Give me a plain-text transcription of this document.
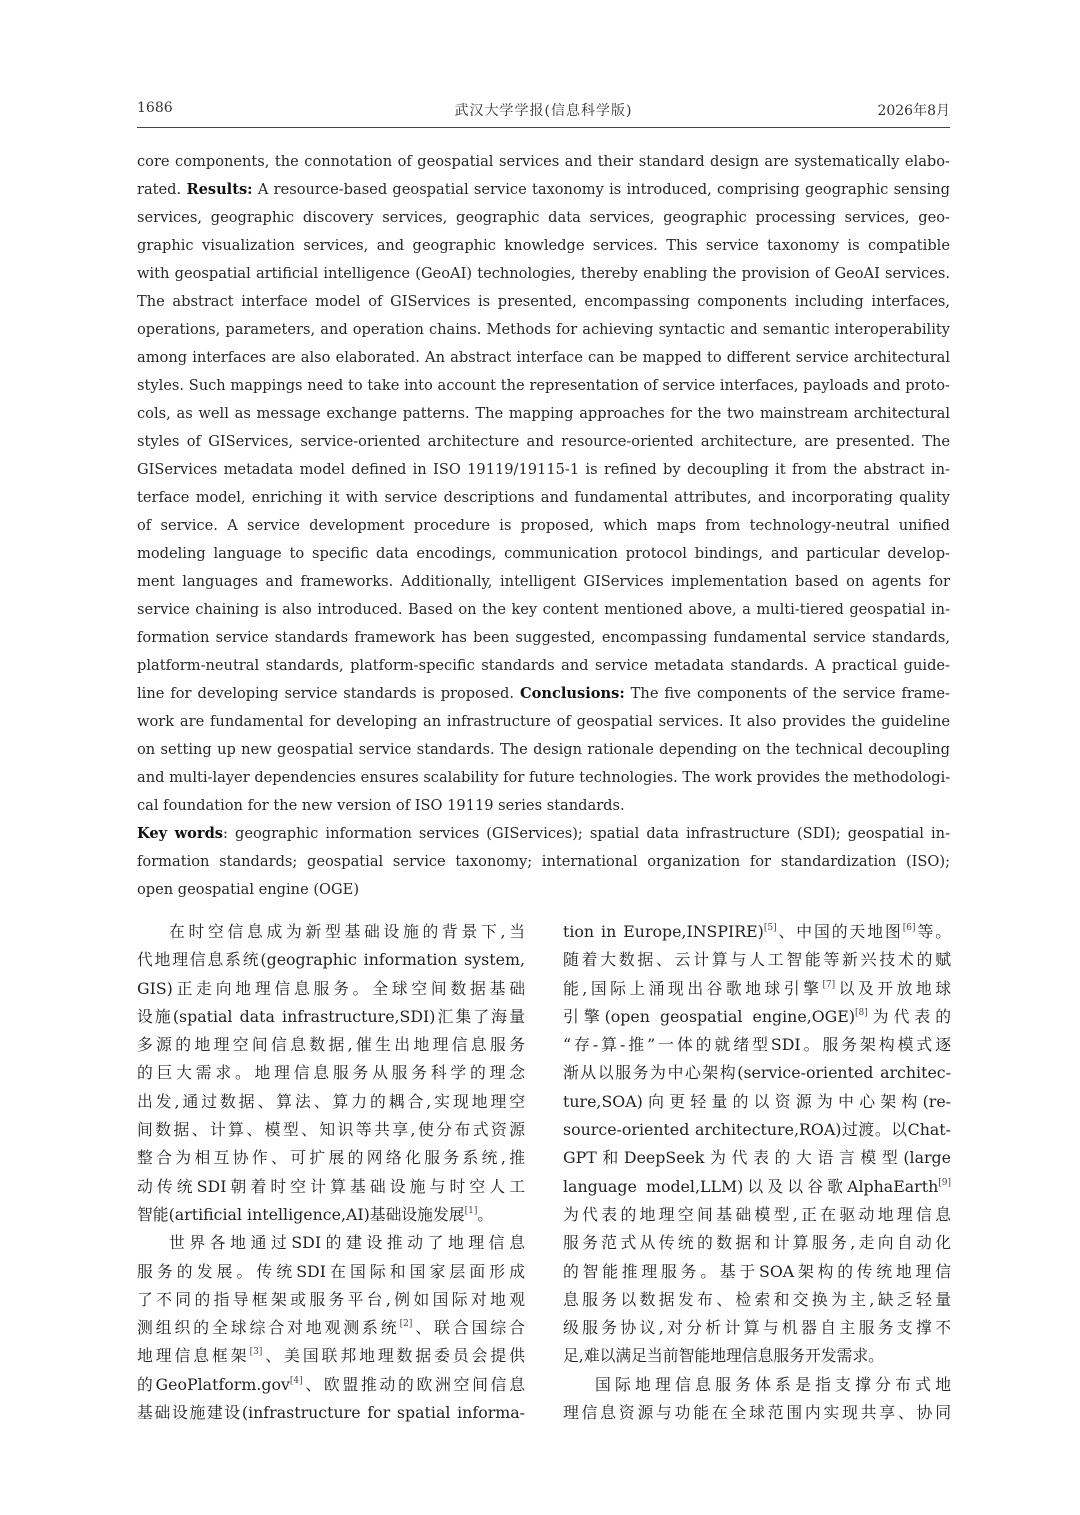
1686	武汉大学学报(信息科学版)	2026年8月
core components, the connotation of geospatial services and their standard design are systematically elabo-
rated. Results: A resource-based geospatial service taxonomy is introduced, comprising geographic sensing
services, geographic discovery services, geographic data services, geographic processing services, geo-
graphic visualization services, and geographic knowledge services. This service taxonomy is compatible
with geospatial artificial intelligence (GeoAI) technologies, thereby enabling the provision of GeoAI services.
The abstract interface model of GIServices is presented, encompassing components including interfaces,
operations, parameters, and operation chains. Methods for achieving syntactic and semantic interoperability
among interfaces are also elaborated. An abstract interface can be mapped to different service architectural
styles. Such mappings need to take into account the representation of service interfaces, payloads and proto-
cols, as well as message exchange patterns. The mapping approaches for the two mainstream architectural
styles of GIServices, service-oriented architecture and resource-oriented architecture, are presented. The
GIServices metadata model defined in ISO 19119/19115-1 is refined by decoupling it from the abstract in-
terface model, enriching it with service descriptions and fundamental attributes, and incorporating quality
of service. A service development procedure is proposed, which maps from technology-neutral unified
modeling language to specific data encodings, communication protocol bindings, and particular develop-
ment languages and frameworks. Additionally, intelligent GIServices implementation based on agents for
service chaining is also introduced. Based on the key content mentioned above, a multi-tiered geospatial in-
formation service standards framework has been suggested, encompassing fundamental service standards,
platform-neutral standards, platform-specific standards and service metadata standards. A practical guide-
line for developing service standards is proposed. Conclusions: The five components of the service frame-
work are fundamental for developing an infrastructure of geospatial services. It also provides the guideline
on setting up new geospatial service standards. The design rationale depending on the technical decoupling
and multi-layer dependencies ensures scalability for future technologies. The work provides the methodologi-
cal foundation for the new version of ISO 19119 series standards.
Key words: geographic information services (GIServices); spatial data infrastructure (SDI); geospatial in-
formation standards; geospatial service taxonomy; international organization for standardization (ISO);
open geospatial engine (OGE)
在时空信息成为新型基础设施的背景下,当
代地理信息系统(geographic information system,
GIS)正走向地理信息服务。全球空间数据基础
设施(spatial data infrastructure,SDI)汇集了海量
多源的地理空间信息数据,催生出地理信息服务
的巨大需求。地理信息服务从服务科学的理念
出发,通过数据、算法、算力的耦合,实现地理空
间数据、计算、模型、知识等共享,使分布式资源
整合为相互协作、可扩展的网络化服务系统,推
动传统SDI朝着时空计算基础设施与时空人工
智能(artificial intelligence,AI)基础设施发展[1]。
世界各地通过SDI的建设推动了地理信息
服务的发展。传统SDI在国际和国家层面形成
了不同的指导框架或服务平台,例如国际对地观
测组织的全球综合对地观测系统[2]、联合国综合
地理信息框架[3]、美国联邦地理数据委员会提供
的GeoPlatform.gov[4]、欧盟推动的欧洲空间信息
基础设施建设(infrastructure for spatial informa-
tion in Europe,INSPIRE)[5]、中国的天地图[6]等。
随着大数据、云计算与人工智能等新兴技术的赋
能,国际上涌现出谷歌地球引擎[7]以及开放地球
引擎(open geospatial engine,OGE)[8]为代表的
“存-算-推”一体的就绪型SDI。服务架构模式逐
渐从以服务为中心架构(service-oriented architec-
ture,SOA)向更轻量的以资源为中心架构(re-
source-oriented architecture,ROA)过渡。以Chat-
GPT和DeepSeek为代表的大语言模型(large
language model,LLM)以及以谷歌AlphaEarth[9]
为代表的地理空间基础模型,正在驱动地理信息
服务范式从传统的数据和计算服务,走向自动化
的智能推理服务。基于SOA架构的传统地理信
息服务以数据发布、检索和交换为主,缺乏轻量
级服务协议,对分析计算与机器自主服务支撑不
足,难以满足当前智能地理信息服务开发需求。
国际地理信息服务体系是指支撑分布式地
理信息资源与功能在全球范围内实现共享、协同
